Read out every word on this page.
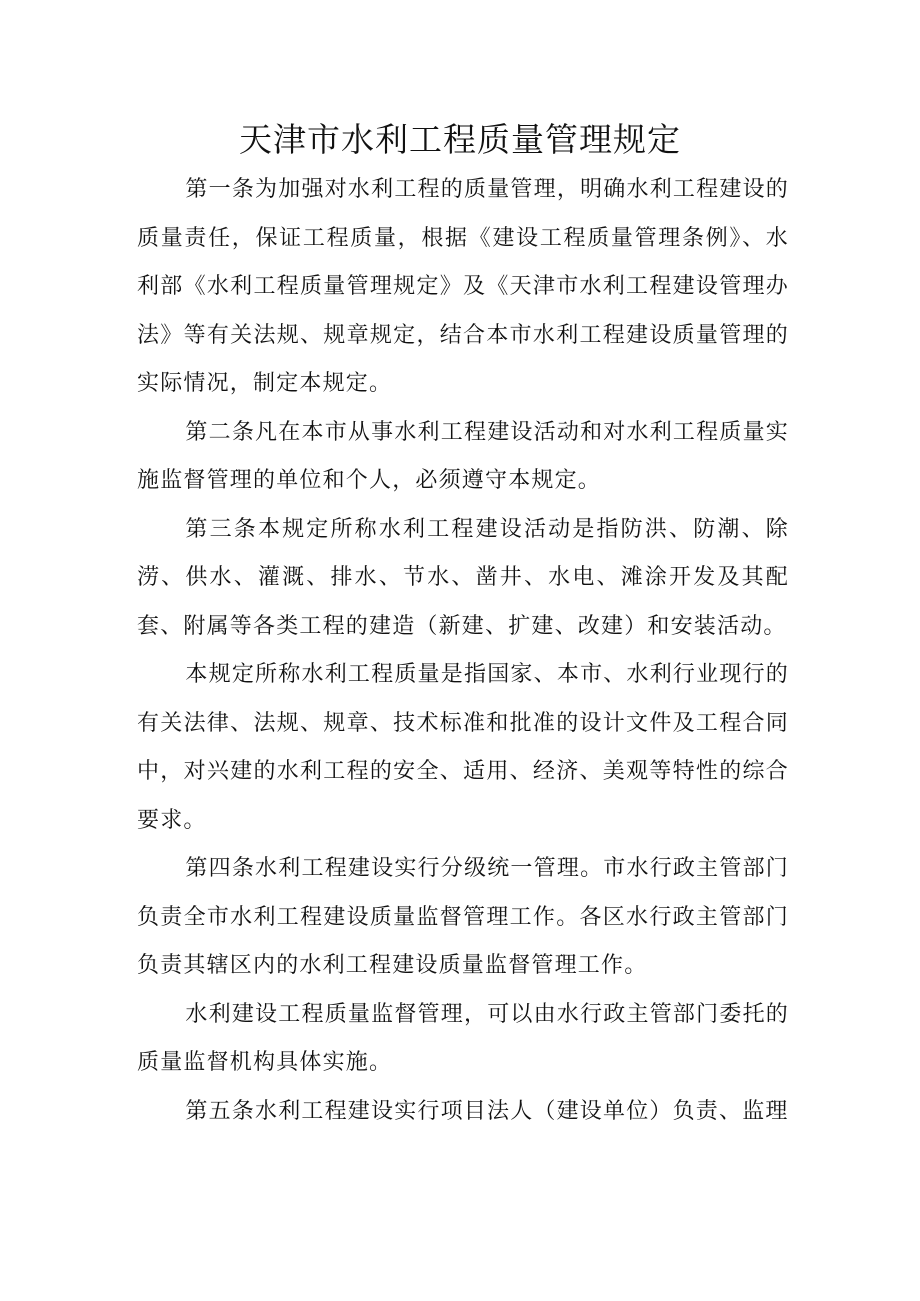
天津市水利工程质量管理规定

第一条为加强对水利工程的质量管理，明确水利工程建设的质量责任，保证工程质量，根据《建设工程质量管理条例》、水利部《水利工程质量管理规定》及《天津市水利工程建设管理办法》等有关法规、规章规定，结合本市水利工程建设质量管理的实际情况，制定本规定。

第二条凡在本市从事水利工程建设活动和对水利工程质量实施监督管理的单位和个人，必须遵守本规定。

第三条本规定所称水利工程建设活动是指防洪、防潮、除涝、供水、灌溉、排水、节水、凿井、水电、滩涂开发及其配套、附属等各类工程的建造（新建、扩建、改建）和安装活动。

本规定所称水利工程质量是指国家、本市、水利行业现行的有关法律、法规、规章、技术标准和批准的设计文件及工程合同中，对兴建的水利工程的安全、适用、经济、美观等特性的综合要求。

第四条水利工程建设实行分级统一管理。市水行政主管部门负责全市水利工程建设质量监督管理工作。各区水行政主管部门负责其辖区内的水利工程建设质量监督管理工作。

水利建设工程质量监督管理，可以由水行政主管部门委托的质量监督机构具体实施。

第五条水利工程建设实行项目法人（建设单位）负责、监理
